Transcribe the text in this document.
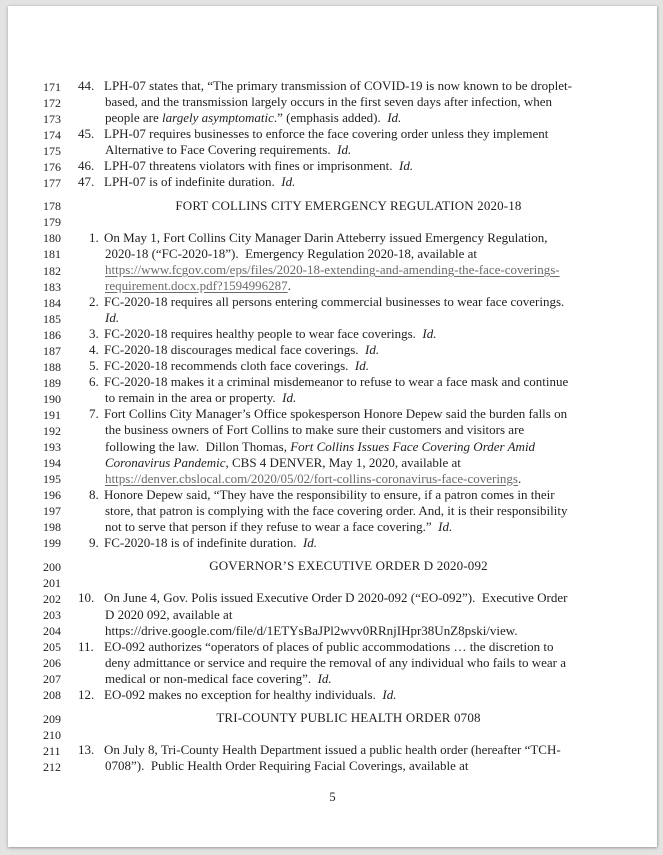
171 44. LPH-07 states that, “The primary transmission of COVID-19 is now known to be droplet-
172	based, and the transmission largely occurs in the first seven days after infection, when
173	people are largely asymptomatic.” (emphasis added).  Id.
174 45. LPH-07 requires businesses to enforce the face covering order unless they implement
175	Alternative to Face Covering requirements.  Id.
176 46. LPH-07 threatens violators with fines or imprisonment.  Id.
177 47. LPH-07 is of indefinite duration.  Id.
178	FORT COLLINS CITY EMERGENCY REGULATION 2020-18
179
180	1. On May 1, Fort Collins City Manager Darin Atteberry issued Emergency Regulation,
181	2020-18 (“FC-2020-18”).  Emergency Regulation 2020-18, available at
182	https://www.fcgov.com/eps/files/2020-18-extending-and-amending-the-face-coverings-
183	requirement.docx.pdf?1594996287.
184	2. FC-2020-18 requires all persons entering commercial businesses to wear face coverings.
185	Id.
186	3. FC-2020-18 requires healthy people to wear face coverings.  Id.
187	4. FC-2020-18 discourages medical face coverings.  Id.
188	5. FC-2020-18 recommends cloth face coverings.  Id.
189	6. FC-2020-18 makes it a criminal misdemeanor to refuse to wear a face mask and continue
190	to remain in the area or property.  Id.
191	7. Fort Collins City Manager’s Office spokesperson Honore Depew said the burden falls on
192	the business owners of Fort Collins to make sure their customers and visitors are
193	following the law.  Dillon Thomas, Fort Collins Issues Face Covering Order Amid
194	Coronavirus Pandemic, CBS 4 DENVER, May 1, 2020, available at
195	https://denver.cbslocal.com/2020/05/02/fort-collins-coronavirus-face-coverings.
196	8. Honore Depew said, “They have the responsibility to ensure, if a patron comes in their
197	store, that patron is complying with the face covering order. And, it is their responsibility
198	not to serve that person if they refuse to wear a face covering.”  Id.
199	9. FC-2020-18 is of indefinite duration.  Id.
200	GOVERNOR’S EXECUTIVE ORDER D 2020-092
201
202 10. On June 4, Gov. Polis issued Executive Order D 2020-092 (“EO-092”).  Executive Order
203	D 2020 092, available at
204	https://drive.google.com/file/d/1ETYsBaJPl2wvv0RRnjIHpr38UnZ8pski/view.
205 11. EO-092 authorizes “operators of places of public accommodations … the discretion to
206	deny admittance or service and require the removal of any individual who fails to wear a
207	medical or non-medical face covering”.  Id.
208 12. EO-092 makes no exception for healthy individuals.  Id.
209	TRI-COUNTY PUBLIC HEALTH ORDER 0708
210
211 13. On July 8, Tri-County Health Department issued a public health order (hereafter “TCH-
212	0708”).  Public Health Order Requiring Facial Coverings, available at
5
